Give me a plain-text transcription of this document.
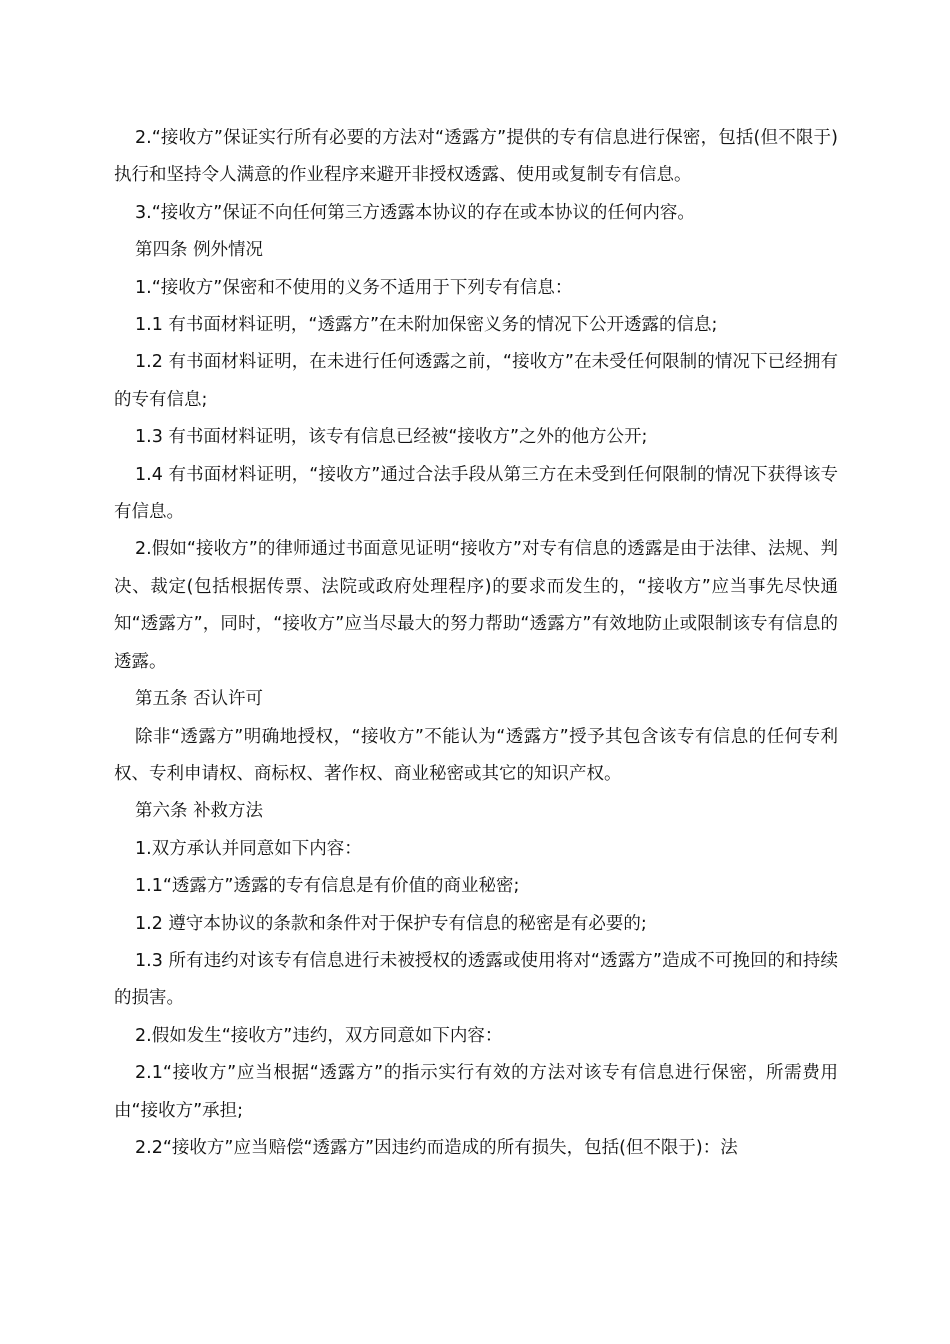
2.“接收方”保证实行所有必要的方法对“透露方”提供的专有信息进行保密，包括(但不限于)执行和坚持令人满意的作业程序来避开非授权透露、使用或复制专有信息。

3.“接收方”保证不向任何第三方透露本协议的存在或本协议的任何内容。

第四条 例外情况

1.“接收方”保密和不使用的义务不适用于下列专有信息：

1.1 有书面材料证明，“透露方”在未附加保密义务的情况下公开透露的信息;

1.2 有书面材料证明，在未进行任何透露之前，“接收方”在未受任何限制的情况下已经拥有的专有信息;

1.3 有书面材料证明，该专有信息已经被“接收方”之外的他方公开;

1.4 有书面材料证明，“接收方”通过合法手段从第三方在未受到任何限制的情况下获得该专有信息。

2.假如“接收方”的律师通过书面意见证明“接收方”对专有信息的透露是由于法律、法规、判决、裁定(包括根据传票、法院或政府处理程序)的要求而发生的，“接收方”应当事先尽快通知“透露方”，同时，“接收方”应当尽最大的努力帮助“透露方”有效地防止或限制该专有信息的透露。

第五条 否认许可

除非“透露方”明确地授权，“接收方”不能认为“透露方”授予其包含该专有信息的任何专利权、专利申请权、商标权、著作权、商业秘密或其它的知识产权。

第六条 补救方法

1.双方承认并同意如下内容：

1.1“透露方”透露的专有信息是有价值的商业秘密;

1.2 遵守本协议的条款和条件对于保护专有信息的秘密是有必要的;

1.3 所有违约对该专有信息进行未被授权的透露或使用将对“透露方”造成不可挽回的和持续的损害。

2.假如发生“接收方”违约，双方同意如下内容：

2.1“接收方”应当根据“透露方”的指示实行有效的方法对该专有信息进行保密，所需费用由“接收方”承担;

2.2“接收方”应当赔偿“透露方”因违约而造成的所有损失，包括(但不限于)：法
